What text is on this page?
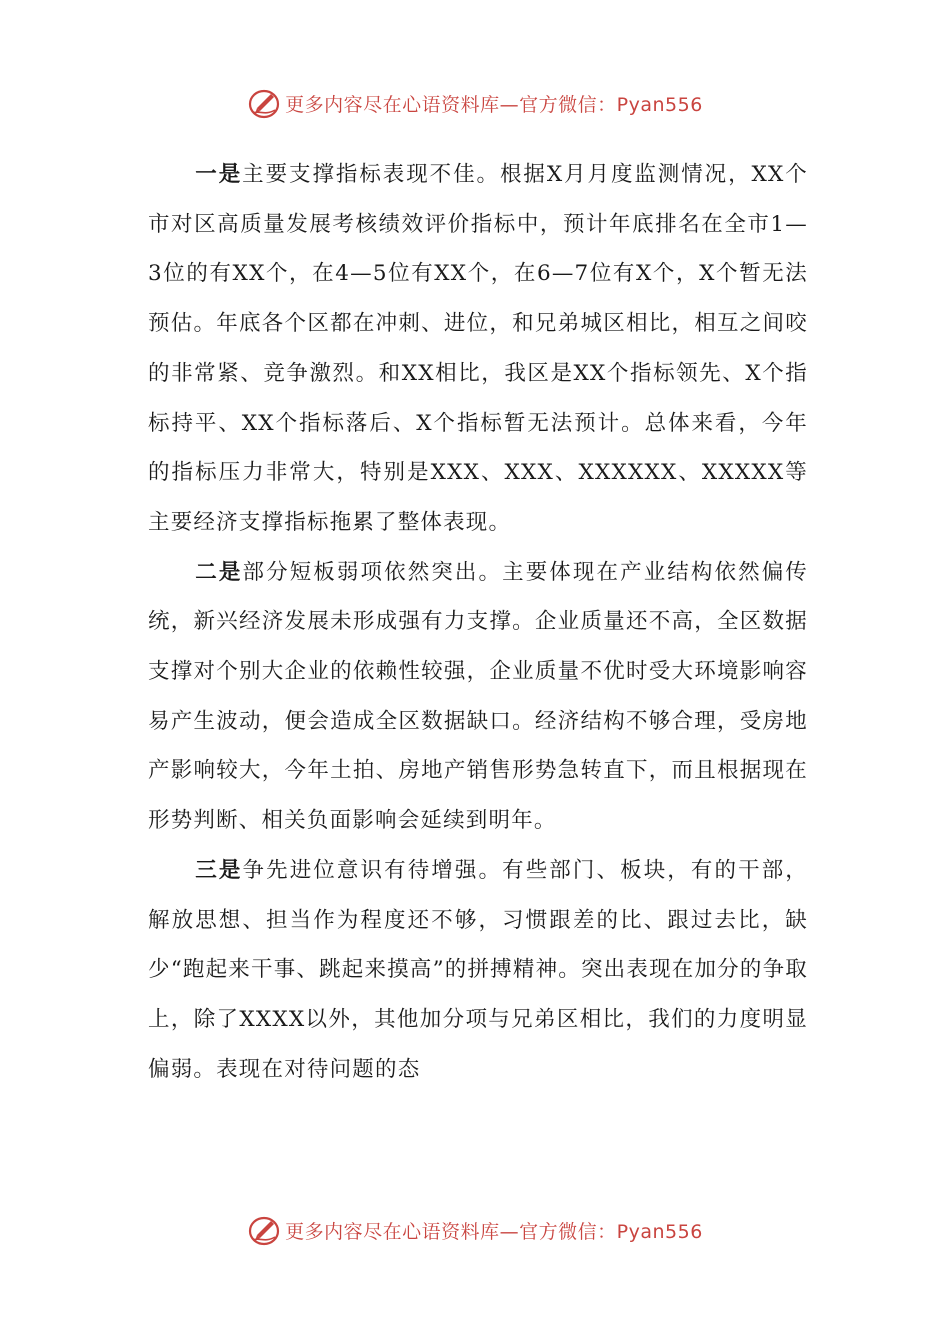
更多内容尽在心语资料库—官方微信：Pyan556

一是主要支撑指标表现不佳。根据X月月度监测情况，XX个市对区高质量发展考核绩效评价指标中，预计年底排名在全市1—3位的有XX个，在4—5位有XX个，在6—7位有X个，X个暂无法预估。年底各个区都在冲刺、进位，和兄弟城区相比，相互之间咬的非常紧、竞争激烈。和XX相比，我区是XX个指标领先、X个指标持平、XX个指标落后、X个指标暂无法预计。总体来看，今年的指标压力非常大，特别是XXX、XXX、XXXXXX、XXXXX等主要经济支撑指标拖累了整体表现。

二是部分短板弱项依然突出。主要体现在产业结构依然偏传统，新兴经济发展未形成强有力支撑。企业质量还不高，全区数据支撑对个别大企业的依赖性较强，企业质量不优时受大环境影响容易产生波动，便会造成全区数据缺口。经济结构不够合理，受房地产影响较大，今年土拍、房地产销售形势急转直下，而且根据现在形势判断、相关负面影响会延续到明年。

三是争先进位意识有待增强。有些部门、板块，有的干部，解放思想、担当作为程度还不够，习惯跟差的比、跟过去比，缺少“跑起来干事、跳起来摸高”的拼搏精神。突出表现在加分的争取上，除了XXXX以外，其他加分项与兄弟区相比，我们的力度明显偏弱。表现在对待问题的态

更多内容尽在心语资料库—官方微信：Pyan556
